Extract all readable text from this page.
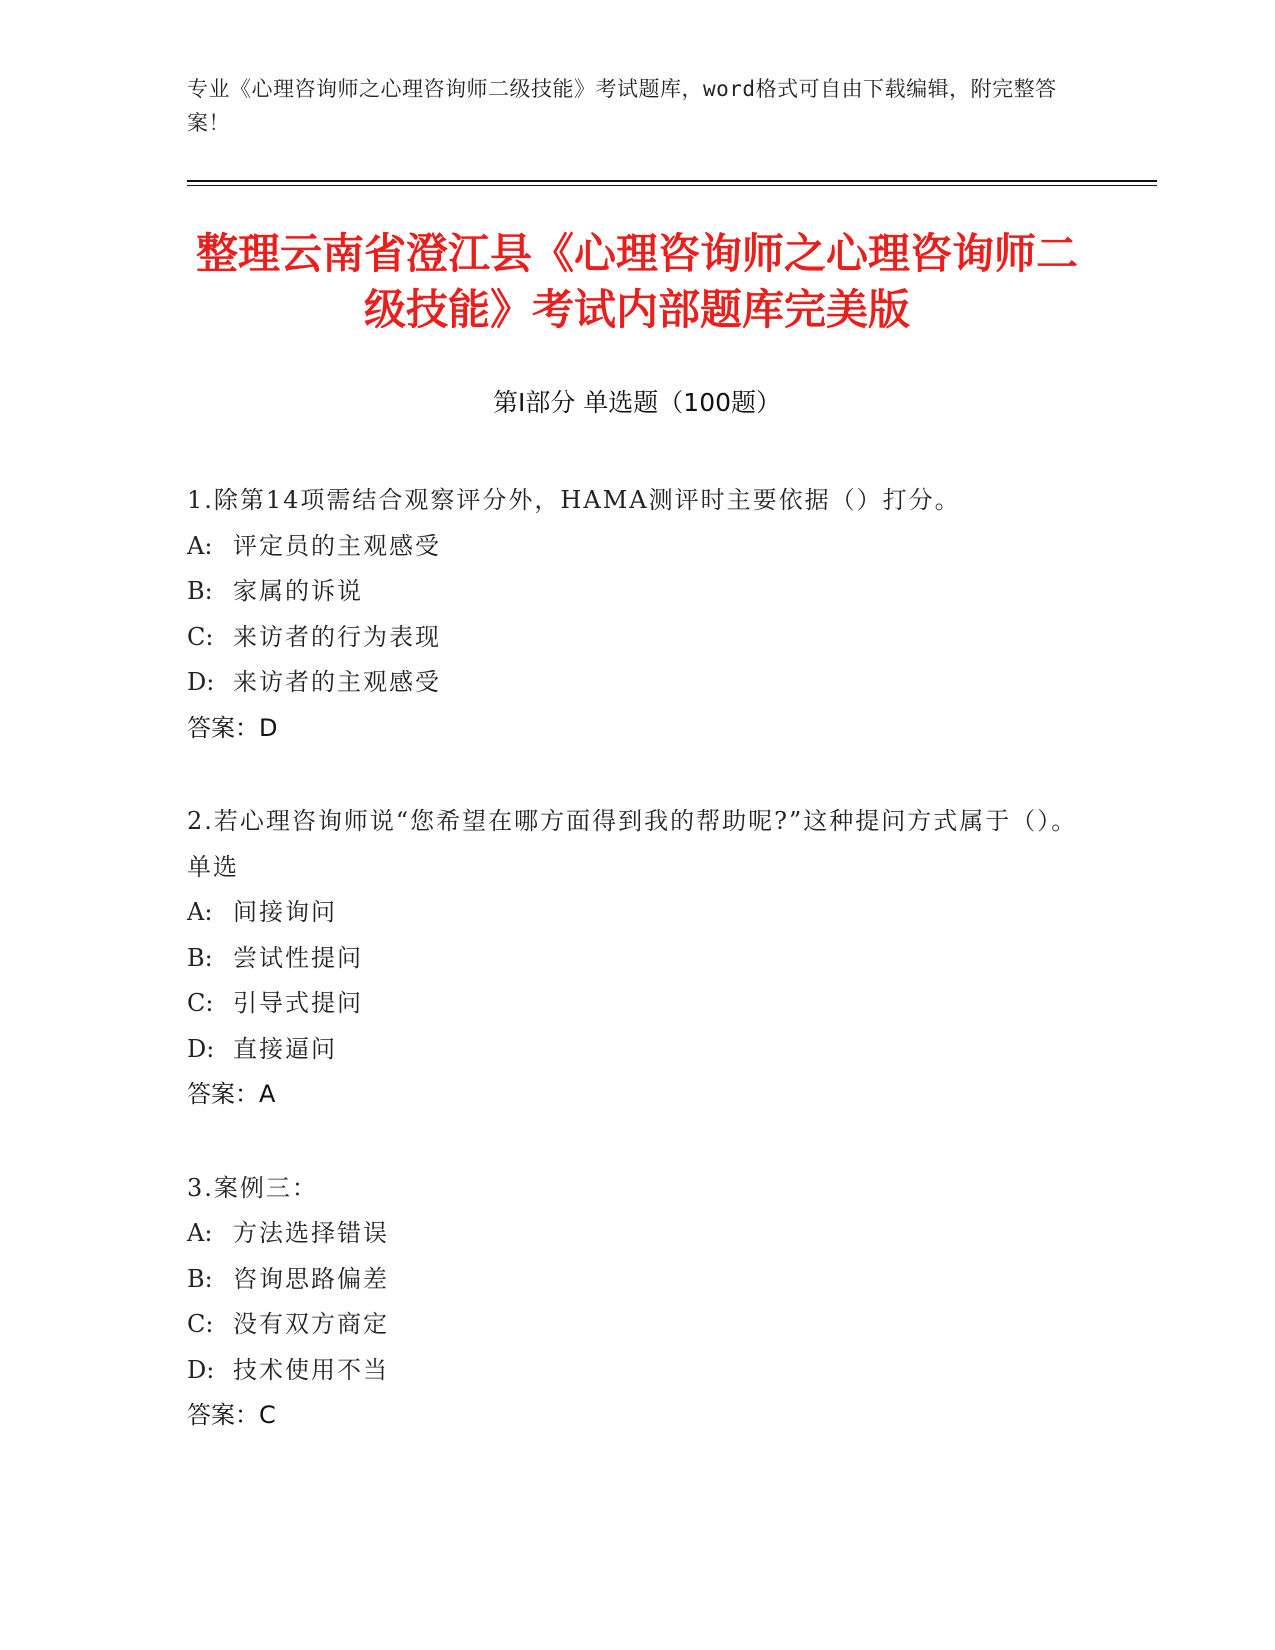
专业《心理咨询师之心理咨询师二级技能》考试题库，word格式可自由下载编辑，附完整答案！
整理云南省澄江县《心理咨询师之心理咨询师二级技能》考试内部题库完美版
第Ⅰ部分 单选题（100题）

1.除第14项需结合观察评分外，HAMA测评时主要依据（）打分。

A: 评定员的主观感受

B: 家属的诉说

C: 来访者的行为表现

D: 来访者的主观感受

答案：D

2.若心理咨询师说“您希望在哪方面得到我的帮助呢?”这种提问方式属于（）。单选

A: 间接询问

B: 尝试性提问

C: 引导式提问

D: 直接逼问

答案：A

3.案例三：

A: 方法选择错误

B: 咨询思路偏差

C: 没有双方商定

D: 技术使用不当

答案：C
